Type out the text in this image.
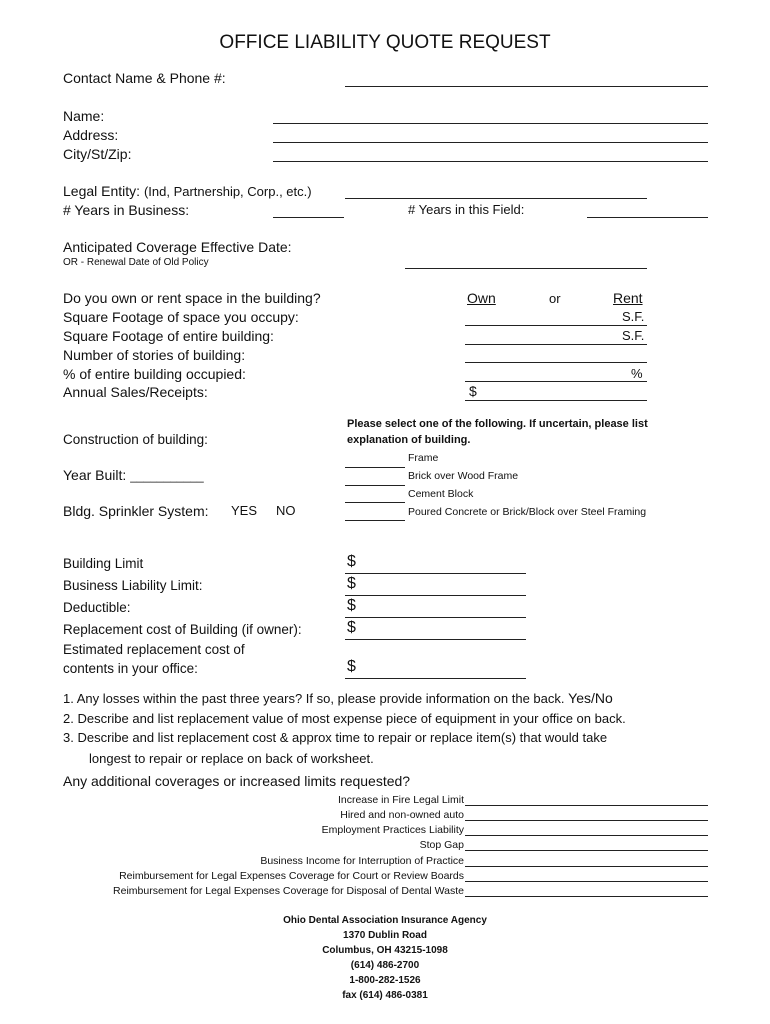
OFFICE LIABILITY QUOTE REQUEST
Contact Name & Phone #:
Name:
Address:
City/St/Zip:
Legal Entity: (Ind, Partnership, Corp., etc.)
# Years in Business:	# Years in this Field:
Anticipated Coverage Effective Date:
OR - Renewal Date of Old Policy
Do you own or rent space in the building?	Own	or	Rent
Square Footage of space you occupy:	S.F.
Square Footage of entire building:	S.F.
Number of stories of building:
% of entire building occupied:	%
Annual Sales/Receipts:	$
Please select one of the following. If uncertain, please list
explanation of building.
Construction of building:
Frame
Brick over Wood Frame
Cement Block
Poured Concrete or Brick/Block over Steel Framing
Year Built: ___________
Bldg. Sprinkler System: YES NO
Building Limit	$
Business Liability Limit:	$
Deductible:	$
Replacement cost of Building (if owner):	$
Estimated replacement cost of
contents in your office:	$
1. Any losses within the past three years? If so, please provide information on the back. Yes/No
2. Describe and list replacement value of most expense piece of equipment in your office on back.
3. Describe and list replacement cost & approx time to repair or replace item(s) that would take
longest to repair or replace on back of worksheet.
Any additional coverages or increased limits requested?
Increase in Fire Legal Limit
Hired and non-owned auto
Employment Practices Liability
Stop Gap
Business Income for Interruption of Practice
Reimbursement for Legal Expenses Coverage for Court or Review Boards
Reimbursement for Legal Expenses Coverage for Disposal of Dental Waste
Ohio Dental Association Insurance Agency
1370 Dublin Road
Columbus, OH 43215-1098
(614) 486-2700
1-800-282-1526
fax (614) 486-0381
